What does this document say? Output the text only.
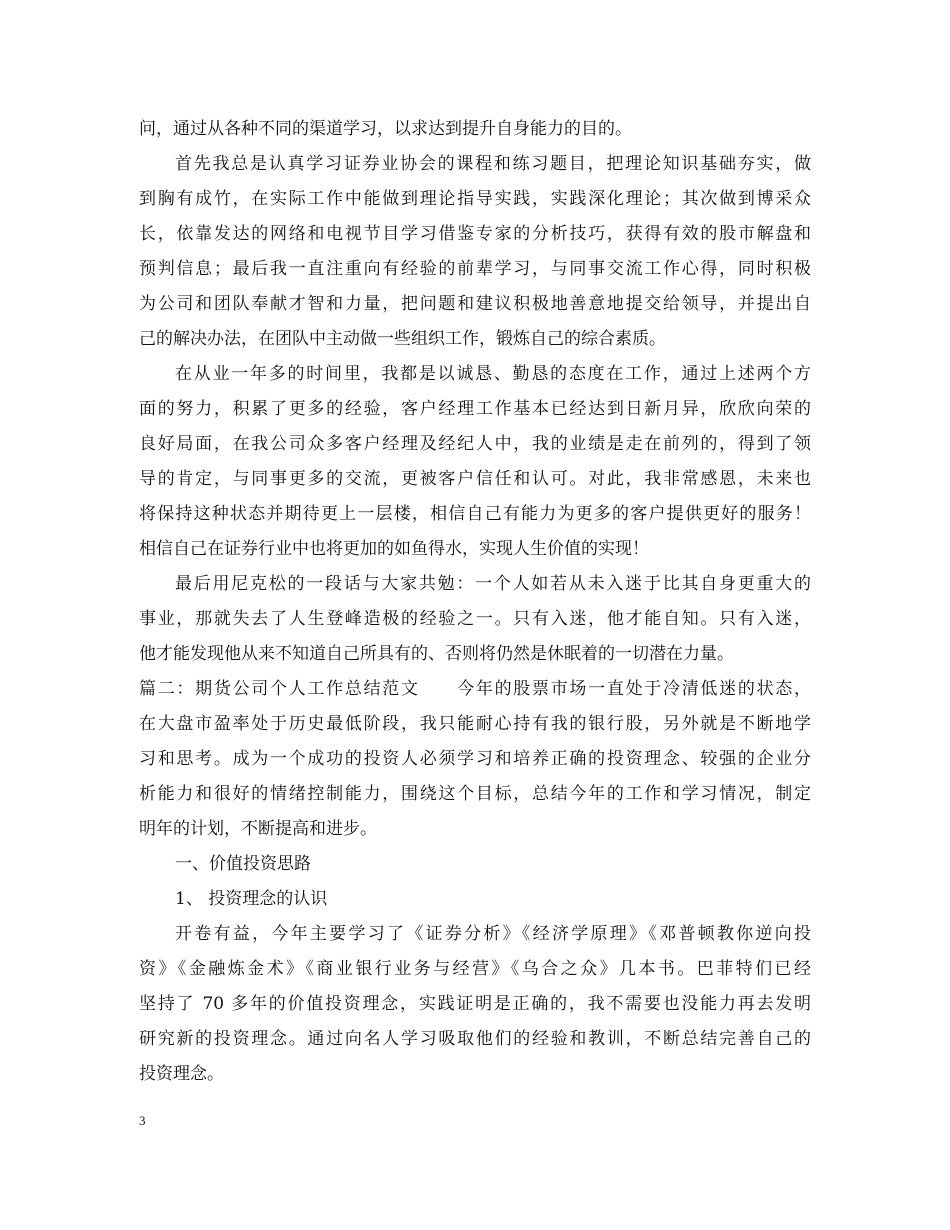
问，通过从各种不同的渠道学习，以求达到提升自身能力的目的。
首先我总是认真学习证券业协会的课程和练习题目，把理论知识基础夯实，做
到胸有成竹，在实际工作中能做到理论指导实践，实践深化理论；其次做到博采众
长，依靠发达的网络和电视节目学习借鉴专家的分析技巧，获得有效的股市解盘和
预判信息；最后我一直注重向有经验的前辈学习，与同事交流工作心得，同时积极
为公司和团队奉献才智和力量，把问题和建议积极地善意地提交给领导，并提出自
己的解决办法，在团队中主动做一些组织工作，锻炼自己的综合素质。
在从业一年多的时间里，我都是以诚恳、勤恳的态度在工作，通过上述两个方
面的努力，积累了更多的经验，客户经理工作基本已经达到日新月异，欣欣向荣的
良好局面，在我公司众多客户经理及经纪人中，我的业绩是走在前列的，得到了领
导的肯定，与同事更多的交流，更被客户信任和认可。对此，我非常感恩，未来也
将保持这种状态并期待更上一层楼，相信自己有能力为更多的客户提供更好的服务！
相信自己在证券行业中也将更加的如鱼得水，实现人生价值的实现！
最后用尼克松的一段话与大家共勉：一个人如若从未入迷于比其自身更重大的
事业，那就失去了人生登峰造极的经验之一。只有入迷，他才能自知。只有入迷，
他才能发现他从来不知道自己所具有的、否则将仍然是休眠着的一切潜在力量。
篇二：期货公司个人工作总结范文　　今年的股票市场一直处于冷清低迷的状态，
在大盘市盈率处于历史最低阶段，我只能耐心持有我的银行股，另外就是不断地学
习和思考。成为一个成功的投资人必须学习和培养正确的投资理念、较强的企业分
析能力和很好的情绪控制能力，围绕这个目标，总结今年的工作和学习情况，制定
明年的计划，不断提高和进步。
一、价值投资思路
1、 投资理念的认识
开卷有益，今年主要学习了《证券分析》《经济学原理》《邓普顿教你逆向投
资》《金融炼金术》《商业银行业务与经营》《乌合之众》几本书。巴菲特们已经
坚持了 70 多年的价值投资理念，实践证明是正确的，我不需要也没能力再去发明
研究新的投资理念。通过向名人学习吸取他们的经验和教训，不断总结完善自己的
投资理念。
3
